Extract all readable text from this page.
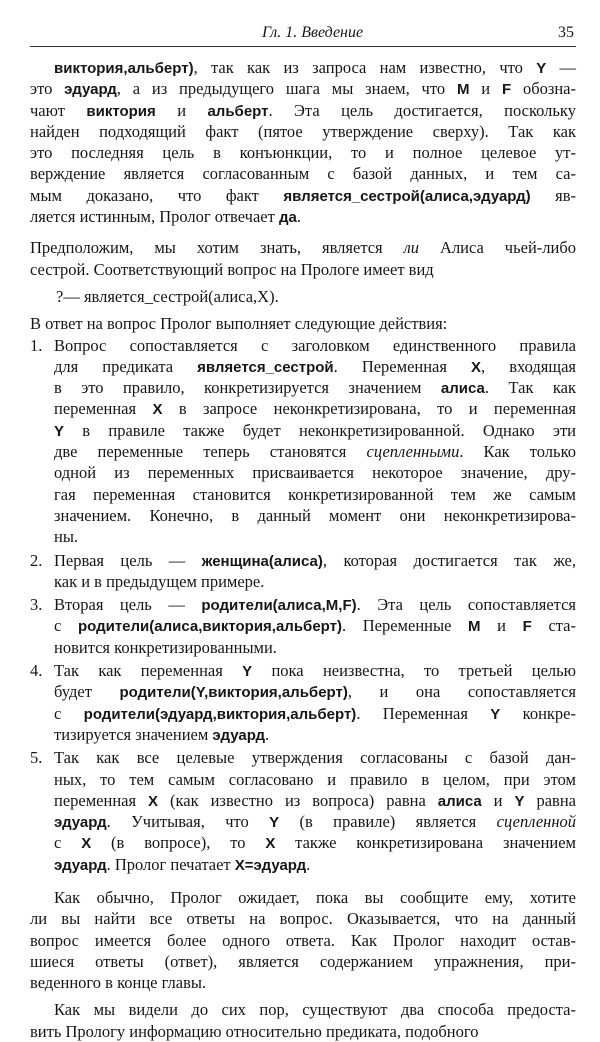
Гл. 1. Введение	35
виктория,альберт), так как из запроса нам известно, что Y —
это эдуард, а из предыдущего шага мы знаем, что M и F обозна-
чают виктория и альберт. Эта цель достигается, поскольку
найден подходящий факт (пятое утверждение сверху). Так как
это последняя цель в конъюнкции, то и полное целевое ут-
верждение является согласованным с базой данных, и тем са-
мым доказано, что факт является_сестрой(алиса,эдуард) яв-
ляется истинным, Пролог отвечает да.
Предположим, мы хотим знать, является ли Алиса чьей-либо
сестрой. Соответствующий вопрос на Прологе имеет вид
?— является_сестрой(алиса,X).
В ответ на вопрос Пролог выполняет следующие действия:
1. Вопрос сопоставляется с заголовком единственного правила
для предиката является_сестрой. Переменная X, входящая
в это правило, конкретизируется значением алиса. Так как
переменная X в запросе неконкретизирована, то и переменная
Y в правиле также будет неконкретизированной. Однако эти
две переменные теперь становятся сцепленными. Как только
одной из переменных присваивается некоторое значение, дру-
гая переменная становится конкретизированной тем же самым
значением. Конечно, в данный момент они неконкретизирова-
ны.
2. Первая цель — женщина(алиса), которая достигается так же,
как и в предыдущем примере.
3. Вторая цель — родители(алиса,M,F). Эта цель сопоставляется
с родители(алиса,виктория,альберт). Переменные M и F ста-
новится конкретизированными.
4. Так как переменная Y пока неизвестна, то третьей целью
будет родители(Y,виктория,альберт), и она сопоставляется
с родители(эдуард,виктория,альберт). Переменная Y конкре-
тизируется значением эдуард.
5. Так как все целевые утверждения согласованы с базой дан-
ных, то тем самым согласовано и правило в целом, при этом
переменная X (как известно из вопроса) равна алиса и Y равна
эдуард. Учитывая, что Y (в правиле) является сцепленной
с X (в вопросе), то X также конкретизирована значением
эдуард. Пролог печатает X=эдуард.
Как обычно, Пролог ожидает, пока вы сообщите ему, хотите
ли вы найти все ответы на вопрос. Оказывается, что на данный
вопрос имеется более одного ответа. Как Пролог находит остав-
шиеся ответы (ответ), является содержанием упражнения, при-
веденного в конце главы.
Как мы видели до сих пор, существуют два способа предоста-
вить Прологу информацию относительно предиката, подобного
